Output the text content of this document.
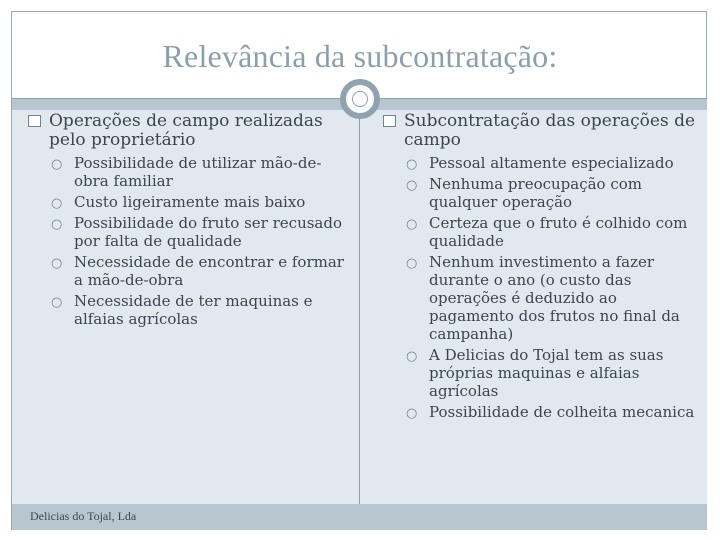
Relevância da subcontratação:
Operações de campo realizadas pelo proprietário
○ Possibilidade de utilizar mão-de-obra familiar
○ Custo ligeiramente mais baixo
○ Possibilidade do fruto ser recusado por falta de qualidade
○ Necessidade de encontrar e formar a mão-de-obra
○ Necessidade de ter maquinas e alfaias agrícolas
Subcontratação das operações de campo
○ Pessoal altamente especializado
○ Nenhuma preocupação com qualquer operação
○ Certeza que o fruto é colhido com qualidade
○ Nenhum investimento a fazer durante o ano (o custo das operações é deduzido ao pagamento dos frutos no final da campanha)
○ A Delicias do Tojal tem as suas próprias maquinas e alfaias agrícolas
○ Possibilidade de colheita mecanica
Delicias do Tojal, Lda
